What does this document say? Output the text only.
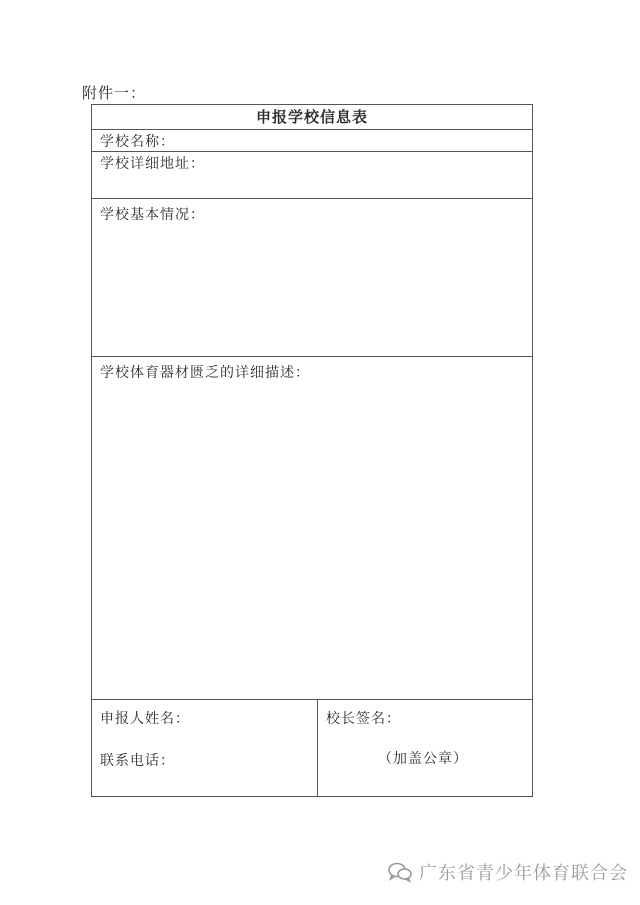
附件一：
申报学校信息表
学校名称：
学校详细地址：
学校基本情况：
学校体育器材匮乏的详细描述：
申报人姓名：
联系电话：
校长签名：
（加盖公章）
广东省青少年体育联合会
